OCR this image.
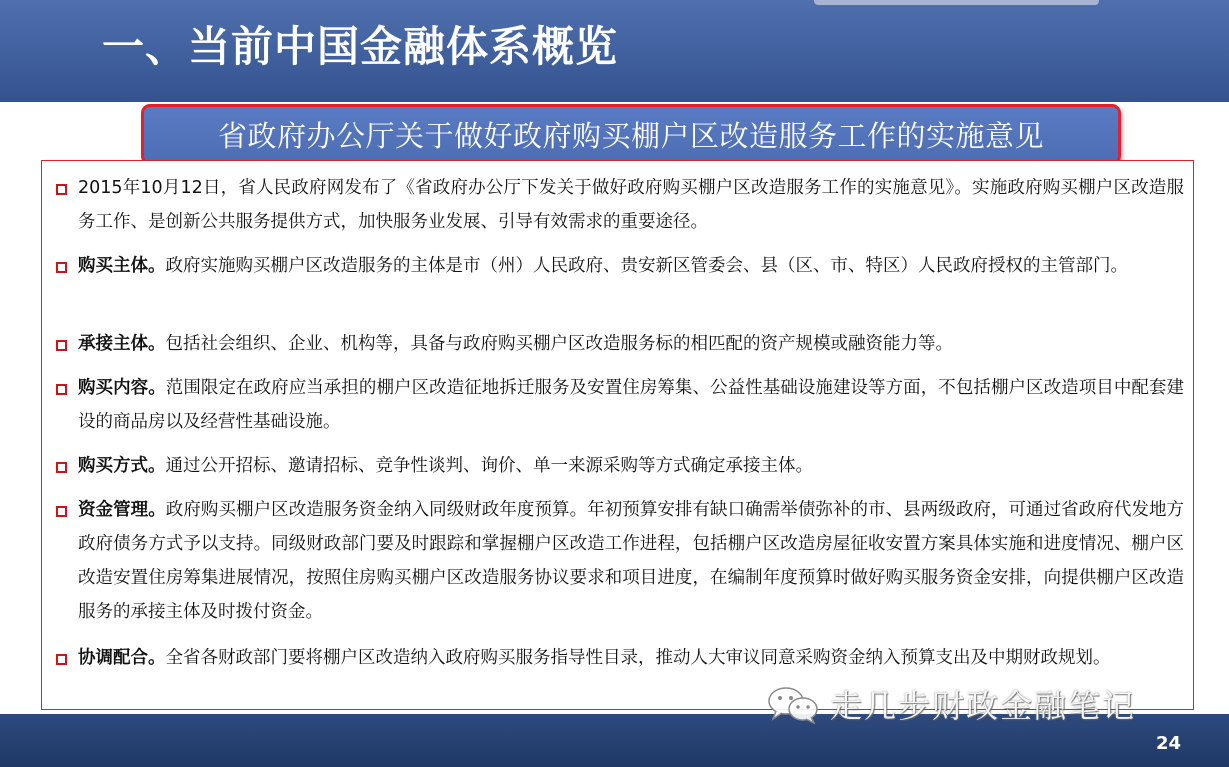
一、当前中国金融体系概览
省政府办公厅关于做好政府购买棚户区改造服务工作的实施意见
2015年10月12日，省人民政府网发布了《省政府办公厅下发关于做好政府购买棚户区改造服务工作的实施意见》。实施政府购买棚户区改造服务工作、是创新公共服务提供方式，加快服务业发展、引导有效需求的重要途径。
购买主体。政府实施购买棚户区改造服务的主体是市（州）人民政府、贵安新区管委会、县（区、市、特区）人民政府授权的主管部门。
承接主体。包括社会组织、企业、机构等，具备与政府购买棚户区改造服务标的相匹配的资产规模或融资能力等。
购买内容。范围限定在政府应当承担的棚户区改造征地拆迁服务及安置住房筹集、公益性基础设施建设等方面，不包括棚户区改造项目中配套建设的商品房以及经营性基础设施。
购买方式。通过公开招标、邀请招标、竞争性谈判、询价、单一来源采购等方式确定承接主体。
资金管理。政府购买棚户区改造服务资金纳入同级财政年度预算。年初预算安排有缺口确需举债弥补的市、县两级政府，可通过省政府代发地方政府债务方式予以支持。同级财政部门要及时跟踪和掌握棚户区改造工作进程，包括棚户区改造房屋征收安置方案具体实施和进度情况、棚户区改造安置住房筹集进展情况，按照住房购买棚户区改造服务协议要求和项目进度，在编制年度预算时做好购买服务资金安排，向提供棚户区改造服务的承接主体及时拨付资金。
协调配合。全省各财政部门要将棚户区改造纳入政府购买服务指导性目录，推动人大审议同意采购资金纳入预算支出及中期财政规划。
24
走几步财政金融笔记
